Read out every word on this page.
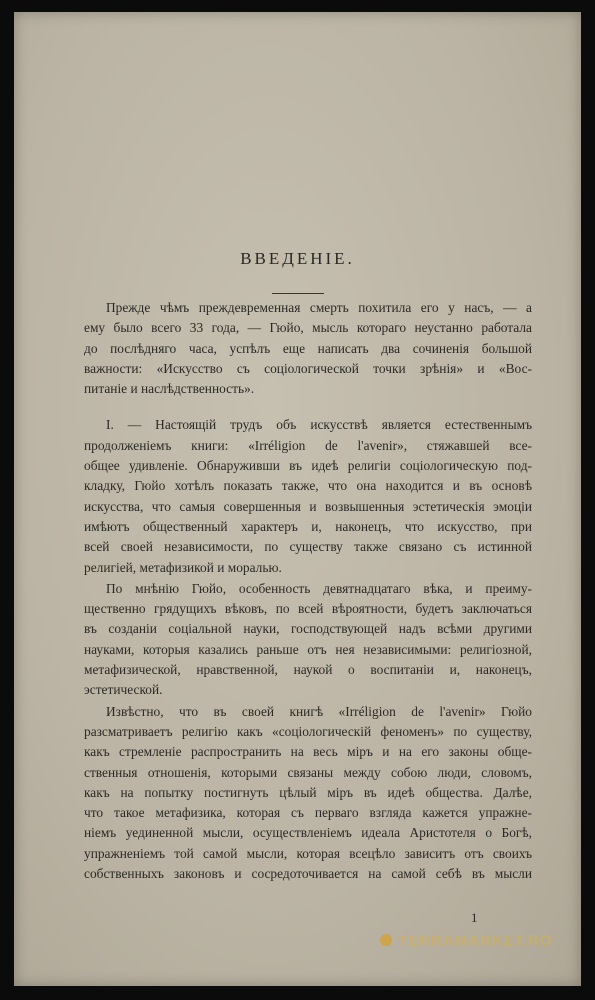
ВВЕДЕНІЕ.

Прежде чѣмъ преждевременная смерть похитила его у насъ, — а
ему было всего 33 года, — Гюйо, мысль котораго неустанно работала
до послѣдняго часа, успѣлъ еще написать два сочиненія большой
важности: «Искусство съ соціологической точки зрѣнія» и «Вос-
питаніе и наслѣдственность».

I. — Настоящій трудъ объ искусствѣ является естественнымъ
продолженіемъ книги: «Irréligion de l'avenir», стяжавшей все-
общее удивленіе. Обнаруживши въ идеѣ религіи соціологическую под-
кладку, Гюйо хотѣлъ показать также, что она находится и въ основѣ
искусства, что самыя совершенныя и возвышенныя эстетическія эмоціи
имѣютъ общественный характеръ и, наконецъ, что искусство, при
всей своей независимости, по существу также связано съ истинной
религіей, метафизикой и моралью.

По мнѣнію Гюйо, особенность девятнадцатаго вѣка, и преиму-
щественно грядущихъ вѣковъ, по всей вѣроятности, будетъ заключаться
въ созданіи соціальной науки, господствующей надъ всѣми другими
науками, которыя казались раньше отъ нея независимыми: религіозной,
метафизической, нравственной, наукой о воспитаніи и, наконецъ,
эстетической.

Извѣстно, что въ своей книгѣ «Irréligion de l'avenir» Гюйо
разсматриваетъ религію какъ «соціологическій феноменъ» по существу,
какъ стремленіе распространить на весь міръ и на его законы обще-
ственныя отношенія, которыми связаны между собою люди, словомъ,
какъ на попытку постигнуть цѣлый міръ въ идеѣ общества. Далѣе,
что такое метафизика, которая съ перваго взгляда кажется упражне-
ніемъ уединенной мысли, осуществленіемъ идеала Аристотеля о Богѣ,
упражненіемъ той самой мысли, которая всецѣло зависитъ отъ своихъ
собственныхъ законовъ и сосредоточивается на самой себѣ въ мысли

1
TERRAMARKET.RO
